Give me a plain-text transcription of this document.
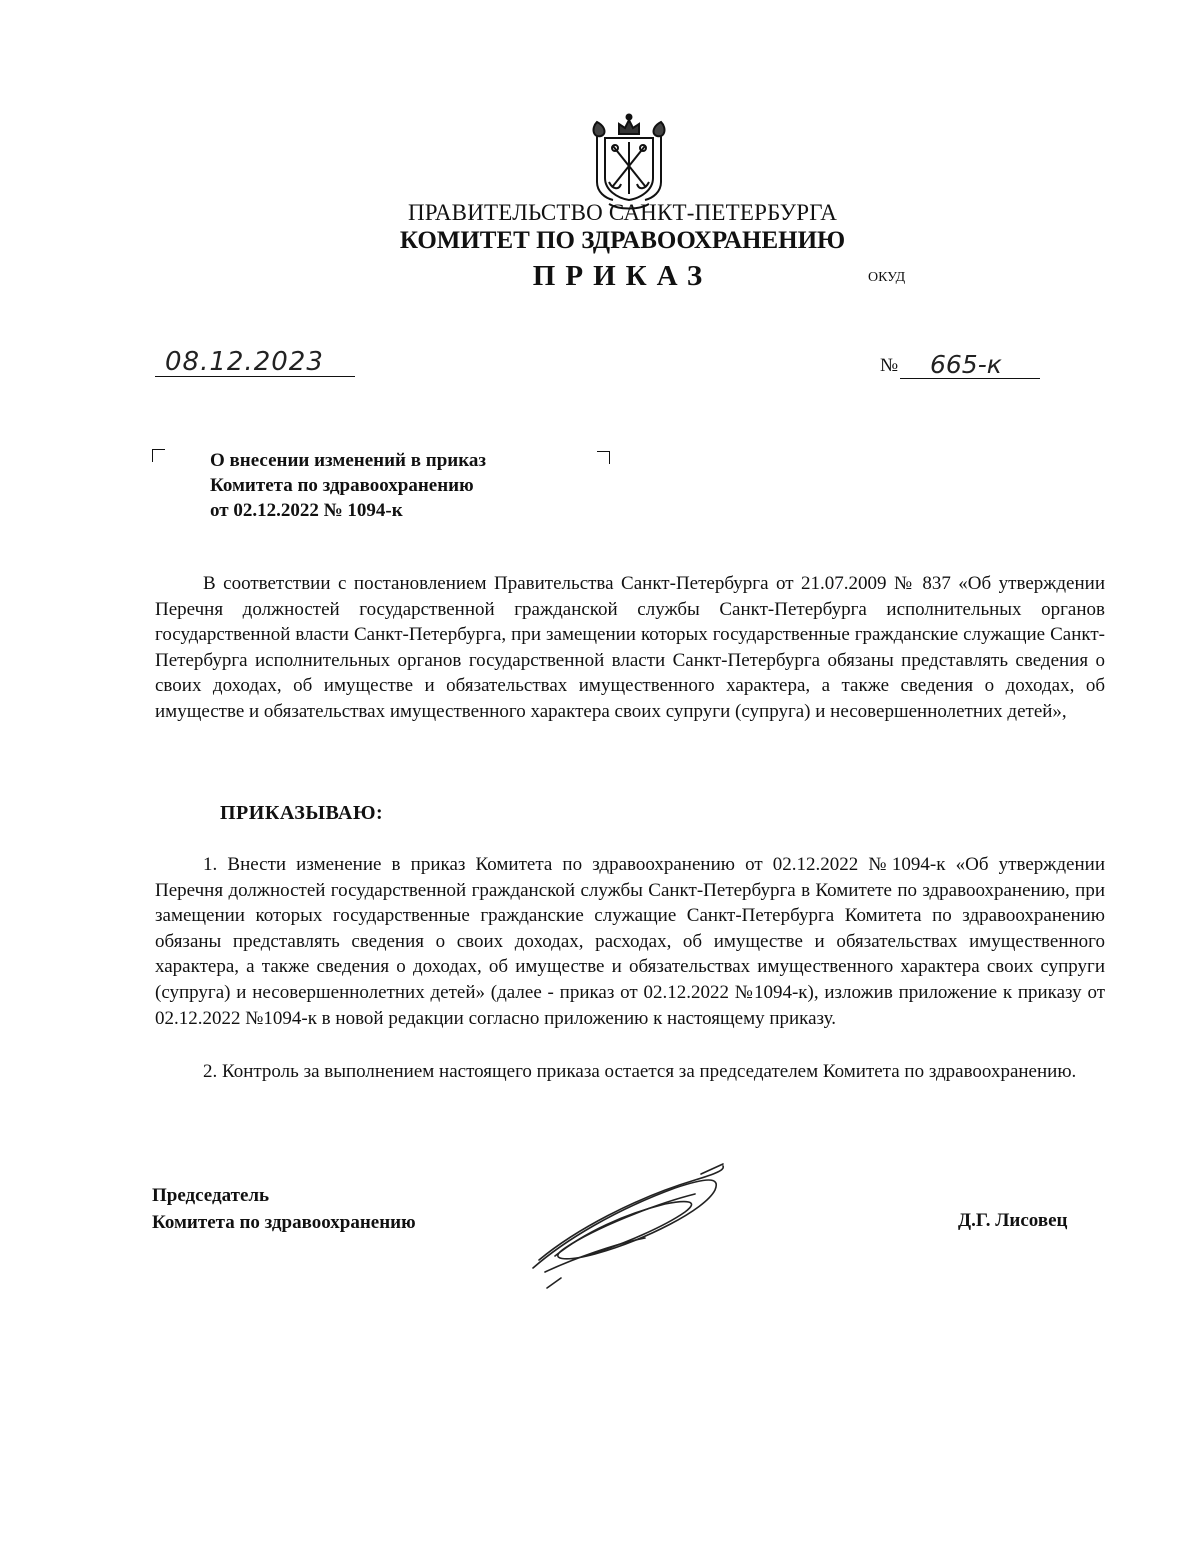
ПРАВИТЕЛЬСТВО САНКТ-ПЕТЕРБУРГА
КОМИТЕТ ПО ЗДРАВООХРАНЕНИЮ
ПРИКАЗ	ОКУД
08.12.2023	№ 665-к
О внесении изменений в приказ
Комитета по здравоохранению
от 02.12.2022 № 1094-к
В соответствии с постановлением Правительства Санкт-Петербурга от 21.07.2009 № 837 «Об утверждении Перечня должностей государственной гражданской службы Санкт-Петербурга исполнительных органов государственной власти Санкт-Петербурга, при замещении которых государственные гражданские служащие Санкт-Петербурга исполнительных органов государственной власти Санкт-Петербурга обязаны представлять сведения о своих доходах, об имуществе и обязательствах имущественного характера, а также сведения о доходах, об имуществе и обязательствах имущественного характера своих супруги (супруга) и несовершеннолетних детей»,
ПРИКАЗЫВАЮ:
1. Внести изменение в приказ Комитета по здравоохранению от 02.12.2022 №1094-к «Об утверждении Перечня должностей государственной гражданской службы Санкт-Петербурга в Комитете по здравоохранению, при замещении которых государственные гражданские служащие Санкт-Петербурга Комитета по здравоохранению обязаны представлять сведения о своих доходах, расходах, об имуществе и обязательствах имущественного характера, а также сведения о доходах, об имуществе и обязательствах имущественного характера своих супруги (супруга) и несовершеннолетних детей» (далее - приказ от 02.12.2022 №1094-к), изложив приложение к приказу от 02.12.2022 №1094-к в новой редакции согласно приложению к настоящему приказу.
2. Контроль за выполнением настоящего приказа остается за председателем Комитета по здравоохранению.
Председатель
Комитета по здравоохранению	Д.Г. Лисовец
